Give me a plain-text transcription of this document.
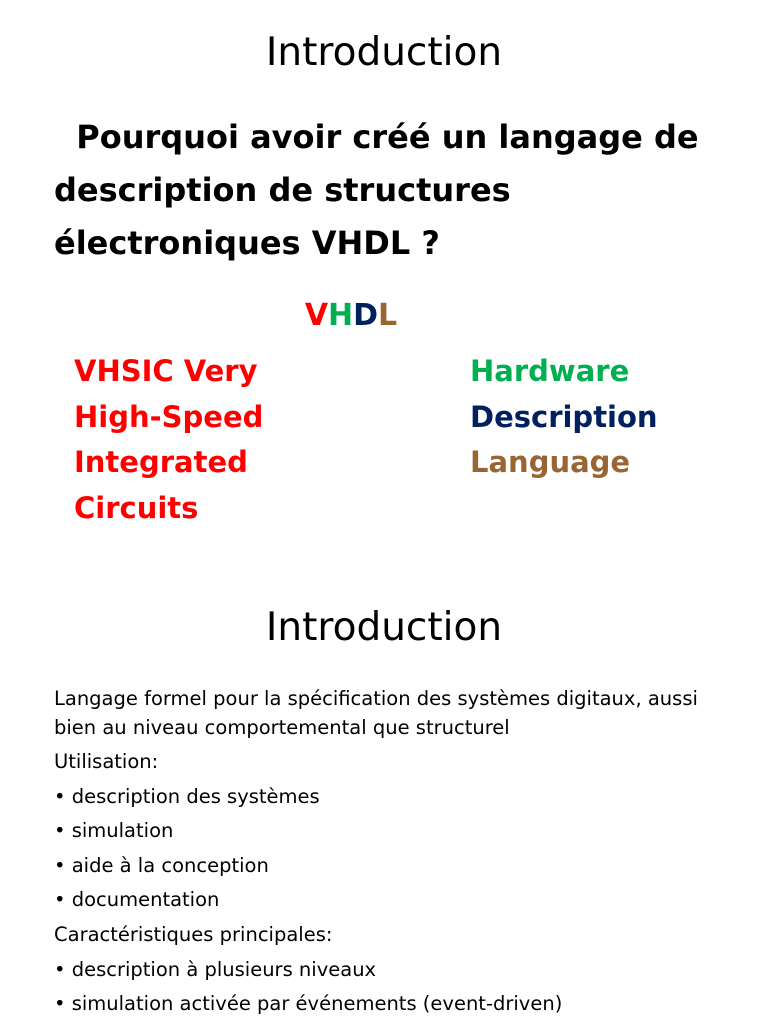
Introduction

Pourquoi avoir créé un langage de description de structures électroniques VHDL ?

VHDL
VHSIC Very
High-Speed
Integrated
Circuits
Hardware
Description
Language
Introduction
Langage formel pour la spécification des systèmes digitaux, aussi bien au niveau comportemental que structurel
Utilisation:
• description des systèmes
• simulation
• aide à la conception
• documentation
Caractéristiques principales:
• description à plusieurs niveaux
• simulation activée par événements (event-driven)
